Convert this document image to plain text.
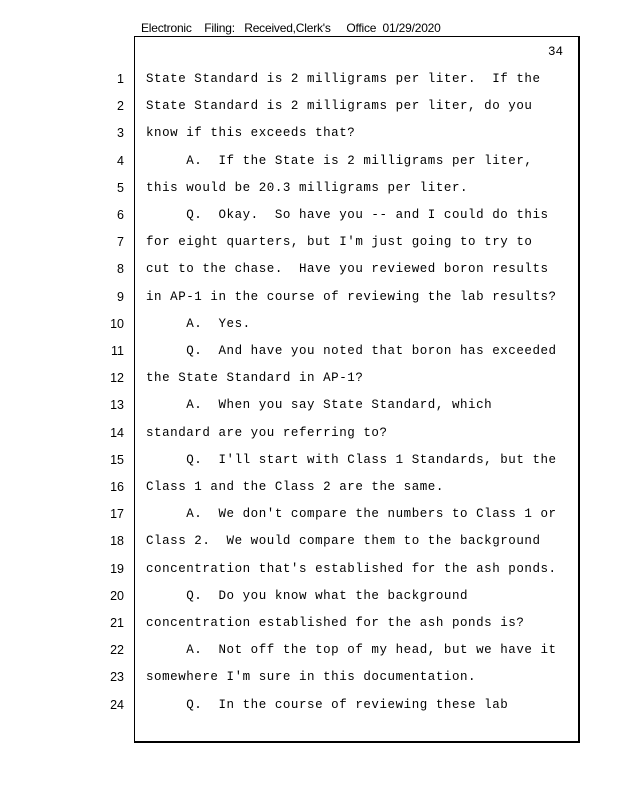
Electronic    Filing:   Received,Clerk's     Office  01/29/2020

34

1 State Standard is 2 milligrams per liter.  If the
2 State Standard is 2 milligrams per liter, do you
3 know if this exceeds that?
4 A.  If the State is 2 milligrams per liter,
5 this would be 20.3 milligrams per liter.
6 Q.  Okay.  So have you -- and I could do this
7 for eight quarters, but I'm just going to try to
8 cut to the chase.  Have you reviewed boron results
9 in AP-1 in the course of reviewing the lab results?
10 A.  Yes.
11 Q.  And have you noted that boron has exceeded
12 the State Standard in AP-1?
13 A.  When you say State Standard, which
14 standard are you referring to?
15 Q.  I'll start with Class 1 Standards, but the
16 Class 1 and the Class 2 are the same.
17 A.  We don't compare the numbers to Class 1 or
18 Class 2.  We would compare them to the background
19 concentration that's established for the ash ponds.
20 Q.  Do you know what the background
21 concentration established for the ash ponds is?
22 A.  Not off the top of my head, but we have it
23 somewhere I'm sure in this documentation.
24 Q.  In the course of reviewing these lab
